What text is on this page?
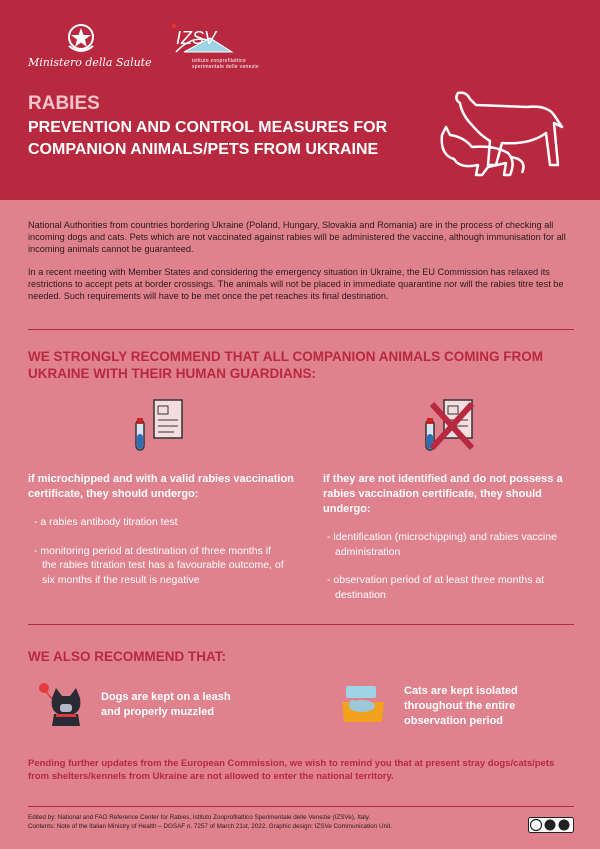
Ministero della Salute
IZSV
istituto zooprofilattico sperimentale delle venezie
RABIES
PREVENTION AND CONTROL MEASURES FOR COMPANION ANIMALS/PETS FROM UKRAINE

National Authorities from countries bordering Ukraine (Poland, Hungary, Slovakia and Romania) are in the process of checking all incoming dogs and cats. Pets which are not vaccinated against rabies will be administered the vaccine, although immunisation for all incoming animals cannot be guaranteed.

In a recent meeting with Member States and considering the emergency situation in Ukraine, the EU Commission has relaxed its restrictions to accept pets at border crossings. The animals will not be placed in immediate quarantine nor will the rabies titre test be needed. Such requirements will have to be met once the pet reaches its final destination.

WE STRONGLY RECOMMEND THAT ALL COMPANION ANIMALS COMING FROM UKRAINE WITH THEIR HUMAN GUARDIANS:
if microchipped and with a valid rabies vaccination certificate, they should undergo:
- a rabies antibody titration test
- monitoring period at destination of three months if the rabies titration test has a favourable outcome, of six months if the result is negative
if they are not identified and do not possess a rabies vaccination certificate, they should undergo:
- identification (microchipping) and rabies vaccine administration
- observation period of at least three months at destination
WE ALSO RECOMMEND THAT:
Dogs are kept on a leash and properly muzzled
Cats are kept isolated throughout the entire observation period

Pending further updates from the European Commission, we wish to remind you that at present stray dogs/cats/pets from shelters/kennels from Ukraine are not allowed to enter the national territory.

Edited by: National and FAO Reference Center for Rabies, Istituto Zooprofilattico Sperimentale delle Venezie (IZSVe), Italy.
Contents: Note of the Italian Ministry of Health – DGSAF n. 7257 of March 21st, 2022. Graphic design: IZSVe Communication Unit.
